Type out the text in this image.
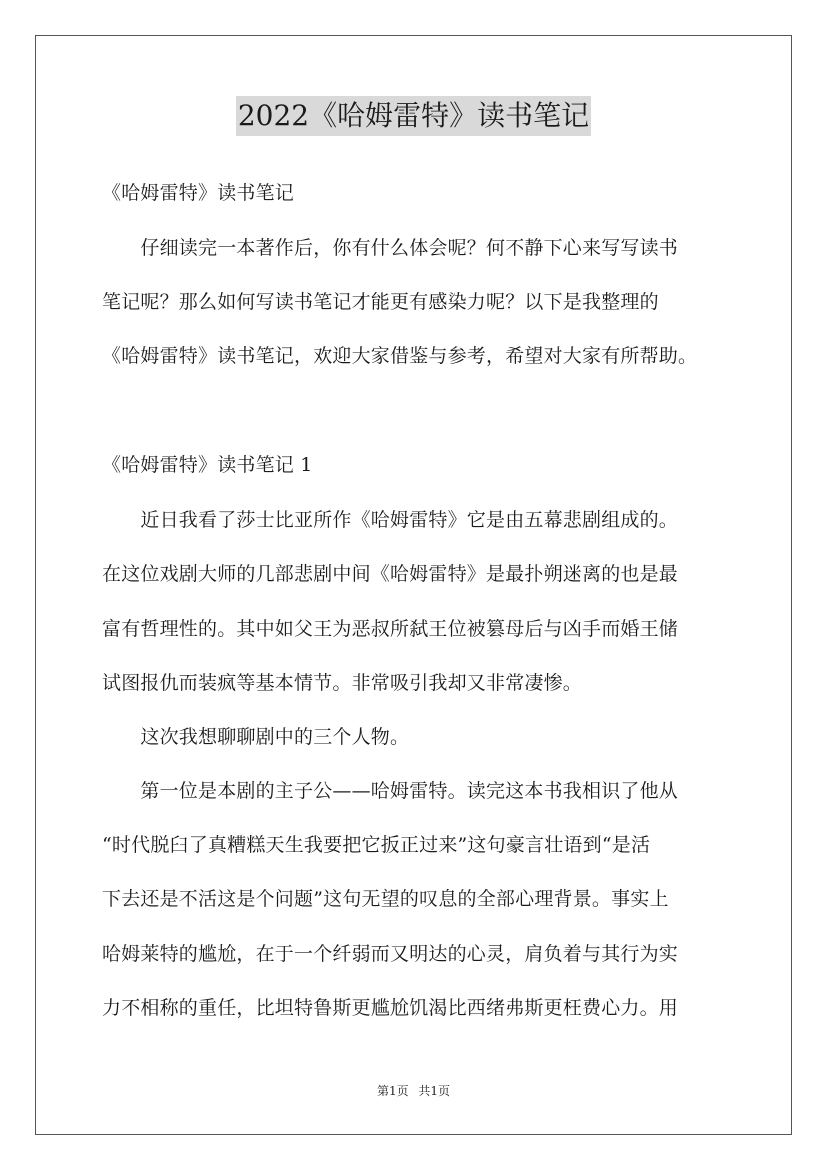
2022《哈姆雷特》读书笔记
《哈姆雷特》读书笔记
　　仔细读完一本著作后，你有什么体会呢？何不静下心来写写读书
笔记呢？那么如何写读书笔记才能更有感染力呢？以下是我整理的
《哈姆雷特》读书笔记，欢迎大家借鉴与参考，希望对大家有所帮助。
《哈姆雷特》读书笔记 1
　　近日我看了莎士比亚所作《哈姆雷特》它是由五幕悲剧组成的。
在这位戏剧大师的几部悲剧中间《哈姆雷特》是最扑朔迷离的也是最
富有哲理性的。其中如父王为恶叔所弑王位被篡母后与凶手而婚王储
试图报仇而装疯等基本情节。非常吸引我却又非常凄惨。
　　这次我想聊聊剧中的三个人物。
　　第一位是本剧的主子公——哈姆雷特。读完这本书我相识了他从
“时代脱臼了真糟糕天生我要把它扳正过来”这句豪言壮语到“是活
下去还是不活这是个问题”这句无望的叹息的全部心理背景。事实上
哈姆莱特的尴尬，在于一个纤弱而又明达的心灵，肩负着与其行为实
力不相称的重任，比坦特鲁斯更尴尬饥渴比西绪弗斯更枉费心力。用
第1页 共1页
